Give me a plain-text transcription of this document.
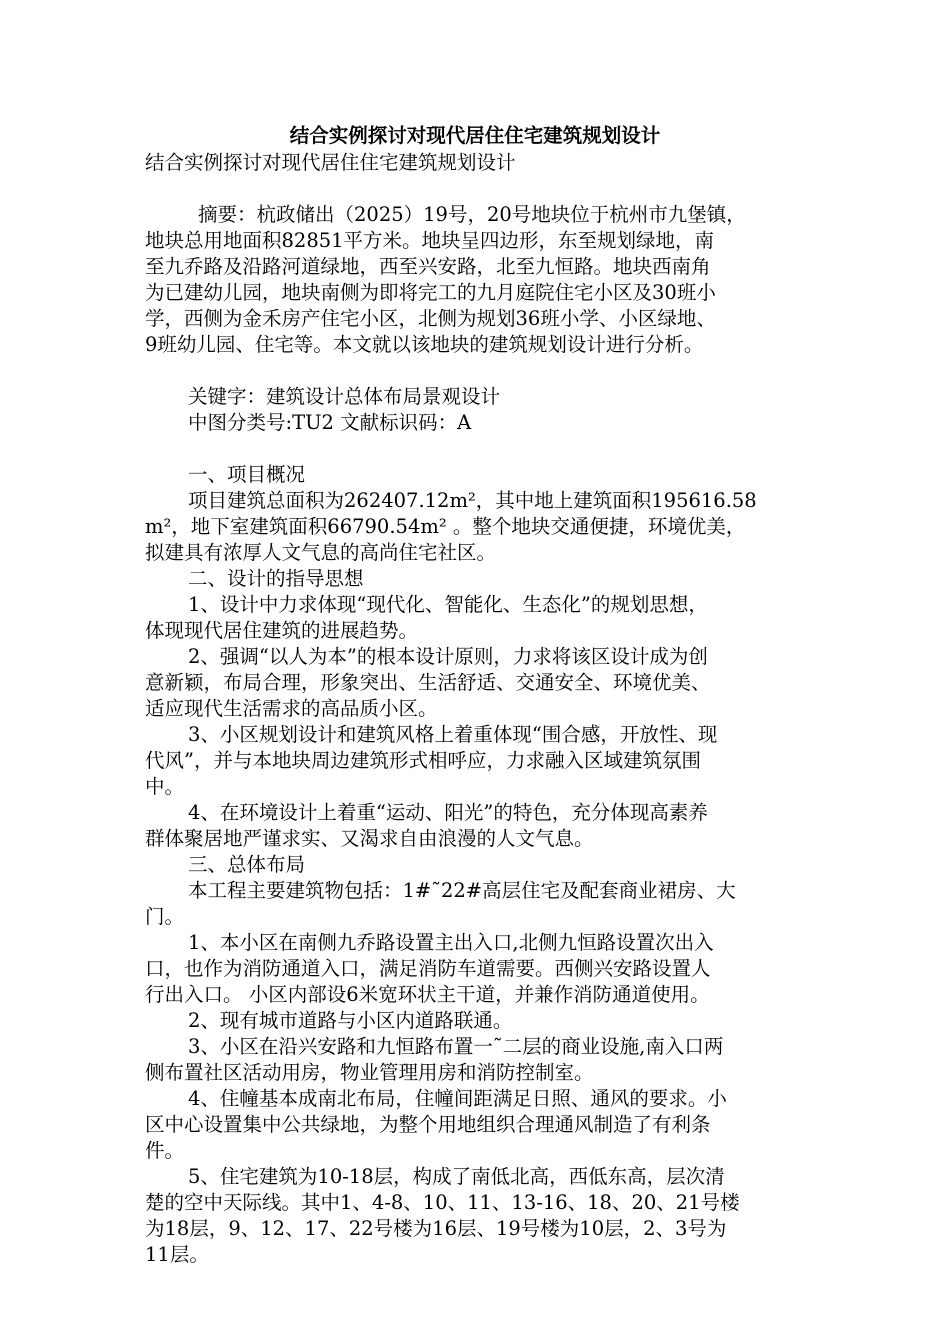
结合实例探讨对现代居住住宅建筑规划设计
结合实例探讨对现代居住住宅建筑规划设计
摘要：杭政储出（2025）19号，20号地块位于杭州市九堡镇，
地块总用地面积82851平方米。地块呈四边形，东至规划绿地，南
至九乔路及沿路河道绿地，西至兴安路，北至九恒路。地块西南角
为已建幼儿园，地块南侧为即将完工的九月庭院住宅小区及30班小
学，西侧为金禾房产住宅小区，北侧为规划36班小学、小区绿地、
9班幼儿园、住宅等。本文就以该地块的建筑规划设计进行分析。
关键字：建筑设计总体布局景观设计
中图分类号:TU2 文献标识码：A
一、项目概况
项目建筑总面积为262407.12m²，其中地上建筑面积195616.58
m²，地下室建筑面积66790.54m² 。整个地块交通便捷，环境优美，
拟建具有浓厚人文气息的高尚住宅社区。
二、设计的指导思想
1、设计中力求体现“现代化、智能化、生态化”的规划思想，
体现现代居住建筑的进展趋势。
2、强调“以人为本”的根本设计原则，力求将该区设计成为创
意新颖，布局合理，形象突出、生活舒适、交通安全、环境优美、
适应现代生活需求的高品质小区。
3、小区规划设计和建筑风格上着重体现“围合感，开放性、现
代风”，并与本地块周边建筑形式相呼应，力求融入区域建筑氛围
中。
4、在环境设计上着重“运动、阳光”的特色，充分体现高素养
群体聚居地严谨求实、又渴求自由浪漫的人文气息。
三、总体布局
本工程主要建筑物包括：1#˜22#高层住宅及配套商业裙房、大
门。
1、本小区在南侧九乔路设置主出入口,北侧九恒路设置次出入
口，也作为消防通道入口，满足消防车道需要。西侧兴安路设置人
行出入口。 小区内部设6米宽环状主干道，并兼作消防通道使用。
2、现有城市道路与小区内道路联通。
3、小区在沿兴安路和九恒路布置一˜二层的商业设施,南入口两
侧布置社区活动用房，物业管理用房和消防控制室。
4、住幢基本成南北布局，住幢间距满足日照、通风的要求。小
区中心设置集中公共绿地，为整个用地组织合理通风制造了有利条
件。
5、住宅建筑为10-18层，构成了南低北高，西低东高，层次清
楚的空中天际线。其中1、4-8、10、11、13-16、18、20、21号楼
为18层，9、12、17、22号楼为16层、19号楼为10层，2、3号为
11层。
